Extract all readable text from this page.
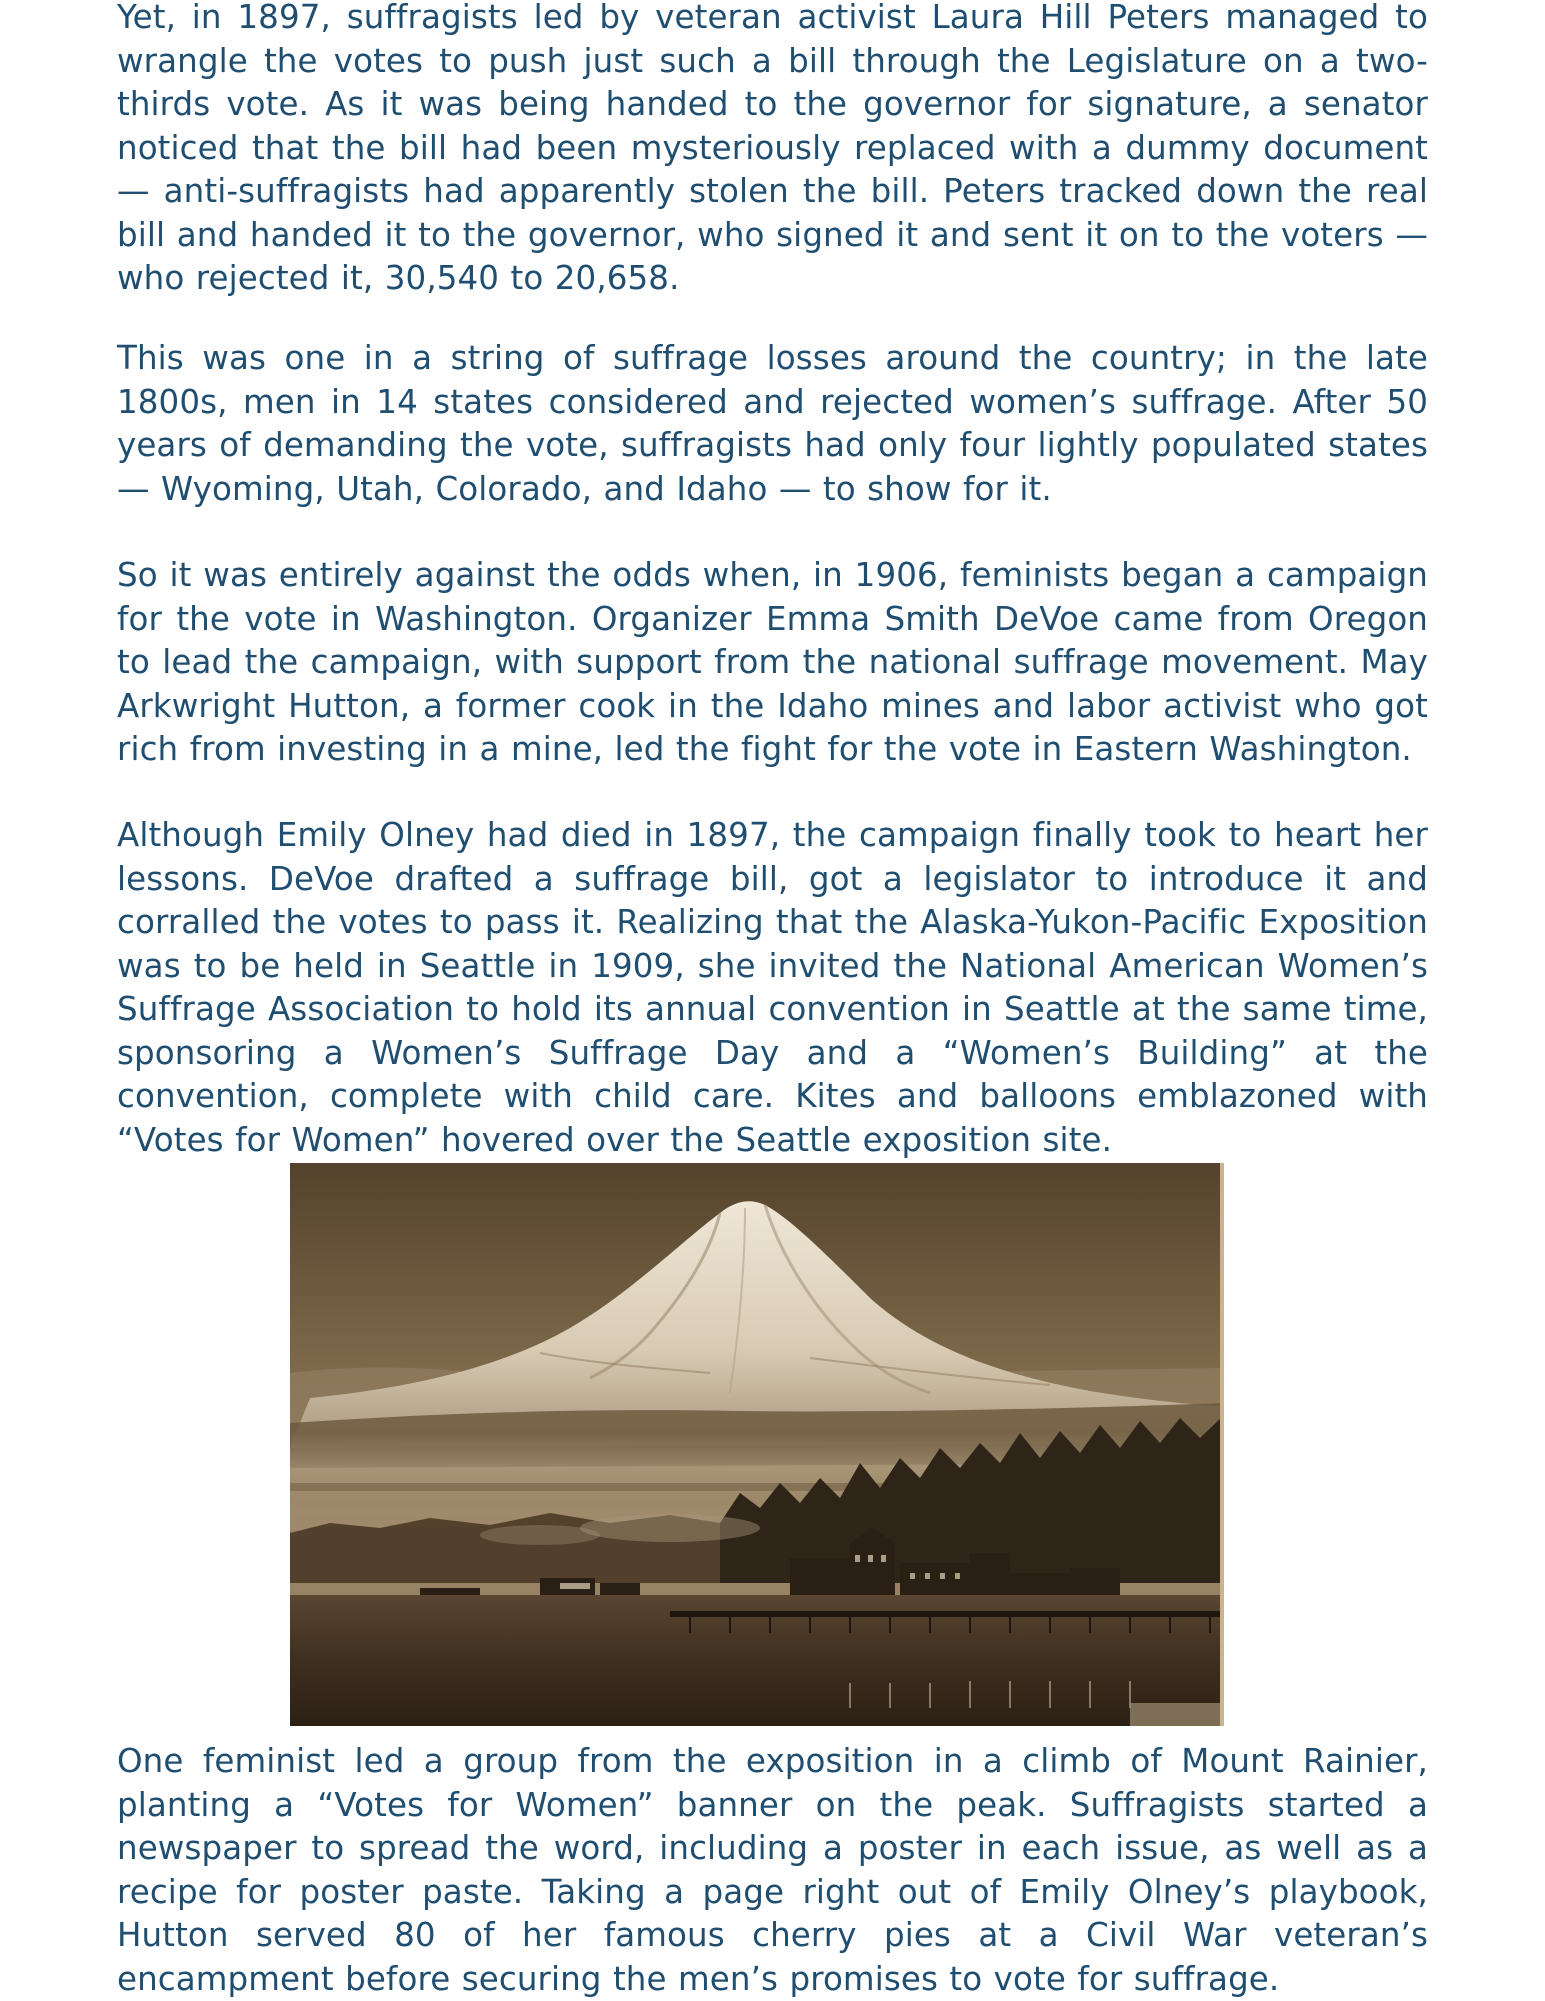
Yet, in 1897, suffragists led by veteran activist Laura Hill Peters managed to wrangle the votes to push just such a bill through the Legislature on a two-thirds vote. As it was being handed to the governor for signature, a senator noticed that the bill had been mysteriously replaced with a dummy document — anti-suffragists had apparently stolen the bill. Peters tracked down the real bill and handed it to the governor, who signed it and sent it on to the voters — who rejected it, 30,540 to 20,658.

This was one in a string of suffrage losses around the country; in the late 1800s, men in 14 states considered and rejected women’s suffrage. After 50 years of demanding the vote, suffragists had only four lightly populated states — Wyoming, Utah, Colorado, and Idaho — to show for it.

So it was entirely against the odds when, in 1906, feminists began a campaign for the vote in Washington. Organizer Emma Smith DeVoe came from Oregon to lead the campaign, with support from the national suffrage movement. May Arkwright Hutton, a former cook in the Idaho mines and labor activist who got rich from investing in a mine, led the fight for the vote in Eastern Washington.

Although Emily Olney had died in 1897, the campaign finally took to heart her lessons. DeVoe drafted a suffrage bill, got a legislator to introduce it and corralled the votes to pass it. Realizing that the Alaska-Yukon-Pacific Exposition was to be held in Seattle in 1909, she invited the National American Women’s Suffrage Association to hold its annual convention in Seattle at the same time, sponsoring a Women’s Suffrage Day and a “Women’s Building” at the convention, complete with child care. Kites and balloons emblazoned with “Votes for Women” hovered over the Seattle exposition site.

One feminist led a group from the exposition in a climb of Mount Rainier, planting a “Votes for Women” banner on the peak. Suffragists started a newspaper to spread the word, including a poster in each issue, as well as a recipe for poster paste. Taking a page right out of Emily Olney’s playbook, Hutton served 80 of her famous cherry pies at a Civil War veteran’s encampment before securing the men’s promises to vote for suffrage.
